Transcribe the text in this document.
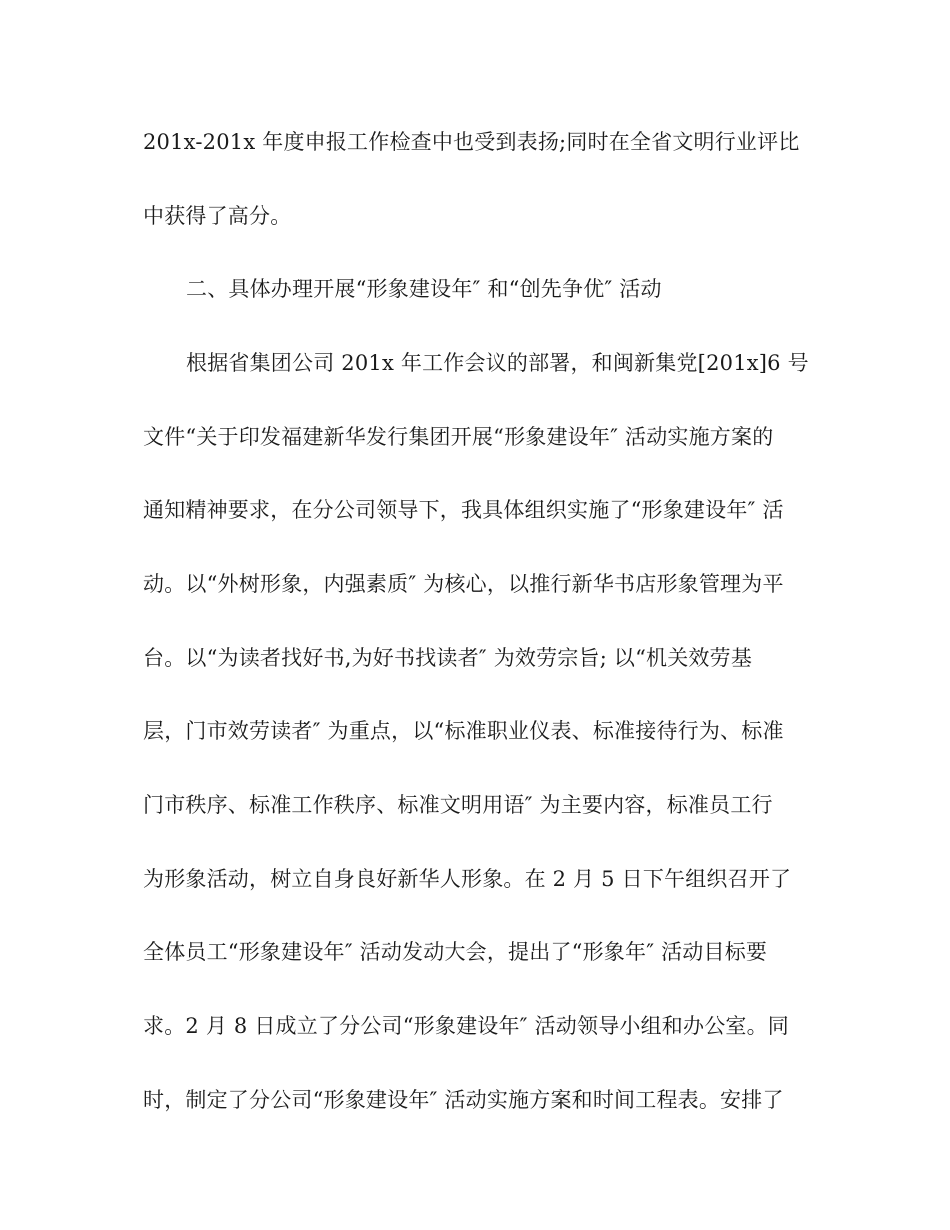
201x-201x 年度申报工作检查中也受到表扬;同时在全省文明行业评比
中获得了高分。
二、具体办理开展“形象建设年″ 和“创先争优″ 活动
根据省集团公司 201x 年工作会议的部署，和闽新集党[201x]6 号
文件“关于印发福建新华发行集团开展“形象建设年″ 活动实施方案的
通知精神要求，在分公司领导下，我具体组织实施了“形象建设年″ 活
动。以“外树形象，内强素质″ 为核心，以推行新华书店形象管理为平
台。以“为读者找好书,为好书找读者″ 为效劳宗旨; 以“机关效劳基
层，门市效劳读者″ 为重点，以“标准职业仪表、标准接待行为、标准
门市秩序、标准工作秩序、标准文明用语″ 为主要内容，标准员工行
为形象活动，树立自身良好新华人形象。在 2 月 5 日下午组织召开了
全体员工“形象建设年″ 活动发动大会，提出了“形象年″ 活动目标要
求。2 月 8 日成立了分公司“形象建设年″ 活动领导小组和办公室。同
时，制定了分公司“形象建设年″ 活动实施方案和时间工程表。安排了
